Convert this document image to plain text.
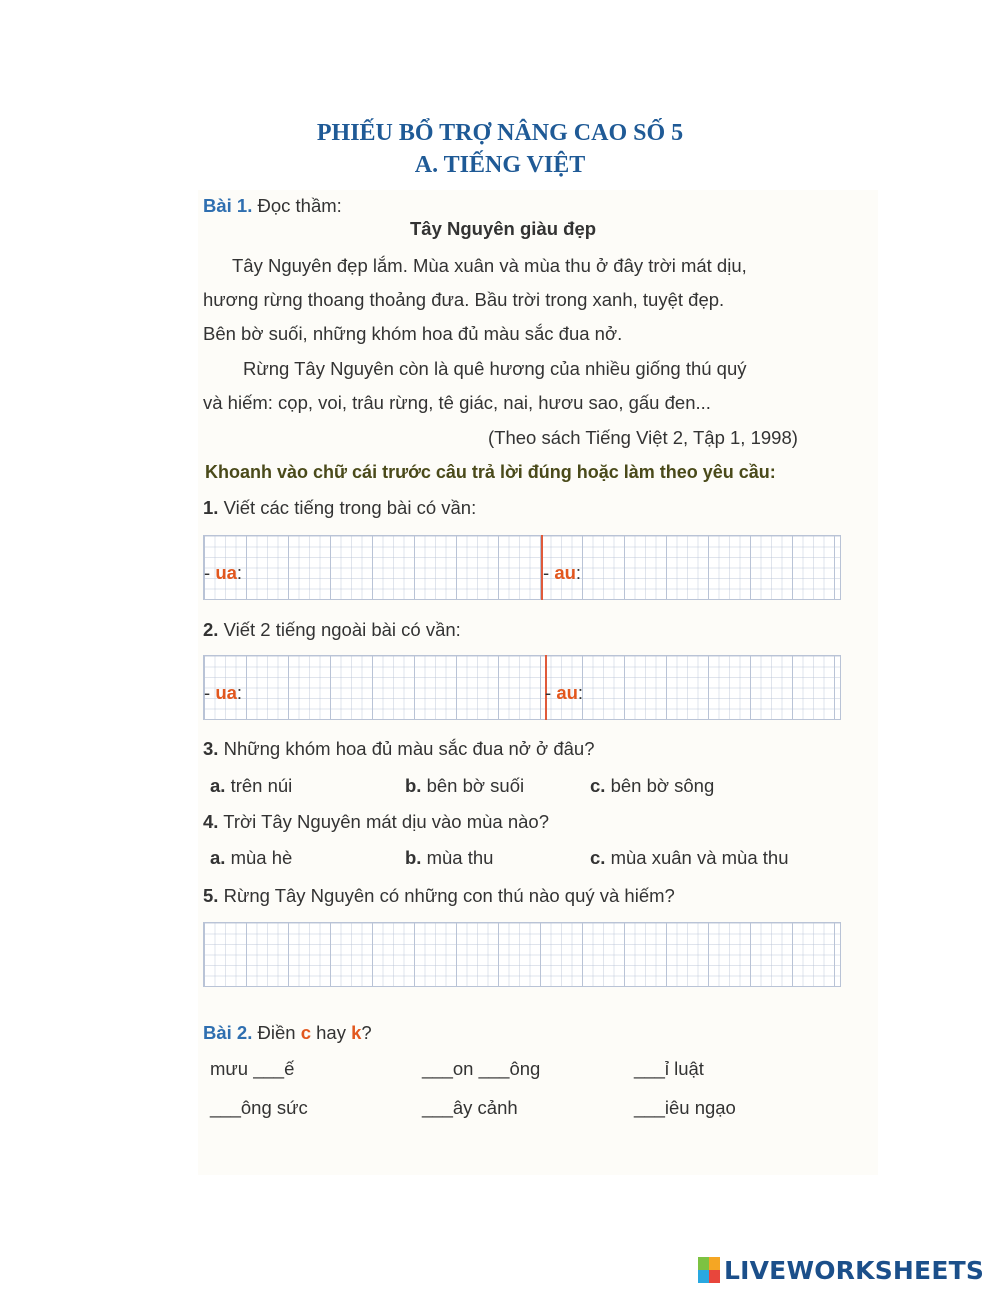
PHIẾU BỔ TRỢ NÂNG CAO SỐ 5
A. TIẾNG VIỆT
Bài 1. Đọc thầm:
Tây Nguyên giàu đẹp
Tây Nguyên đẹp lắm. Mùa xuân và mùa thu ở đây trời mát dịu,
hương rừng thoang thoảng đưa. Bầu trời trong xanh, tuyệt đẹp.
Bên bờ suối, những khóm hoa đủ màu sắc đua nở.
Rừng Tây Nguyên còn là quê hương của nhiều giống thú quý
và hiếm: cọp, voi, trâu rừng, tê giác, nai, hươu sao, gấu đen...
(Theo sách Tiếng Việt 2, Tập 1, 1998)
Khoanh vào chữ cái trước câu trả lời đúng hoặc làm theo yêu cầu:
1. Viết các tiếng trong bài có vần:
- ua:	- au:
2. Viết 2 tiếng ngoài bài có vần:
- ua:	- au:
3. Những khóm hoa đủ màu sắc đua nở ở đâu?
a. trên núi	b. bên bờ suối	c. bên bờ sông
4. Trời Tây Nguyên mát dịu vào mùa nào?
a. mùa hè	b. mùa thu	c. mùa xuân và mùa thu
5. Rừng Tây Nguyên có những con thú nào quý và hiếm?
Bài 2. Điền c hay k?
mưu ___ế	___on ___ông	___ỉ luật
___ông sức	___ây cảnh	___iêu ngạo
LIVEWORKSHEETS
